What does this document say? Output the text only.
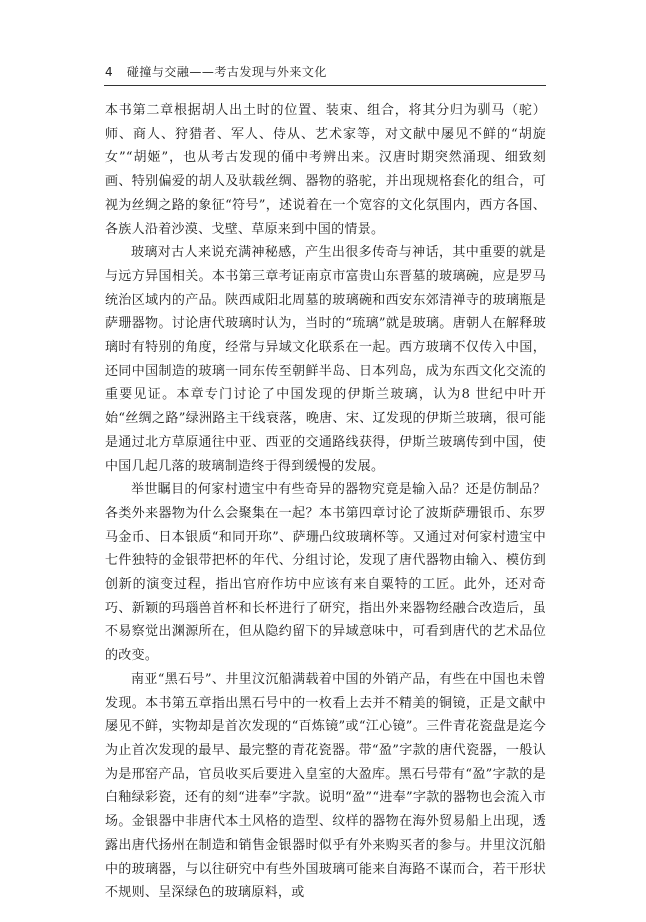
4 碰撞与交融——考古发现与外来文化

本书第二章根据胡人出土时的位置、装束、组合，将其分归为驯马（驼）师、商人、狩猎者、军人、侍从、艺术家等，对文献中屡见不鲜的“胡旋女”“胡姬”，也从考古发现的俑中考辨出来。汉唐时期突然涌现、细致刻画、特别偏爱的胡人及驮载丝绸、器物的骆驼，并出现规格套化的组合，可视为丝绸之路的象征“符号”，述说着在一个宽容的文化氛围内，西方各国、各族人沿着沙漠、戈壁、草原来到中国的情景。

玻璃对古人来说充满神秘感，产生出很多传奇与神话，其中重要的就是与远方异国相关。本书第三章考证南京市富贵山东晋墓的玻璃碗，应是罗马统治区域内的产品。陕西咸阳北周墓的玻璃碗和西安东郊清禅寺的玻璃瓶是萨珊器物。讨论唐代玻璃时认为，当时的“琉璃”就是玻璃。唐朝人在解释玻璃时有特别的角度，经常与异域文化联系在一起。西方玻璃不仅传入中国，还同中国制造的玻璃一同东传至朝鲜半岛、日本列岛，成为东西文化交流的重要见证。本章专门讨论了中国发现的伊斯兰玻璃，认为8 世纪中叶开始“丝绸之路”绿洲路主干线衰落，晚唐、宋、辽发现的伊斯兰玻璃，很可能是通过北方草原通往中亚、西亚的交通路线获得，伊斯兰玻璃传到中国，使中国几起几落的玻璃制造终于得到缓慢的发展。

举世瞩目的何家村遗宝中有些奇异的器物究竟是输入品？还是仿制品？各类外来器物为什么会聚集在一起？本书第四章讨论了波斯萨珊银币、东罗马金币、日本银质“和同开珎”、萨珊凸纹玻璃杯等。又通过对何家村遗宝中七件独特的金银带把杯的年代、分组讨论，发现了唐代器物由输入、模仿到创新的演变过程，指出官府作坊中应该有来自粟特的工匠。此外，还对奇巧、新颖的玛瑙兽首杯和长杯进行了研究，指出外来器物经融合改造后，虽不易察觉出渊源所在，但从隐约留下的异域意味中，可看到唐代的艺术品位的改变。

南亚“黑石号”、井里汶沉船满载着中国的外销产品，有些在中国也未曾发现。本书第五章指出黑石号中的一枚看上去并不精美的铜镜，正是文献中屡见不鲜，实物却是首次发现的“百炼镜”或“江心镜”。三件青花瓷盘是迄今为止首次发现的最早、最完整的青花瓷器。带“盈”字款的唐代瓷器，一般认为是邢窑产品，官员收买后要进入皇室的大盈库。黑石号带有“盈”字款的是白釉绿彩瓷，还有的刻“进奉”字款。说明“盈”“进奉”字款的器物也会流入市场。金银器中非唐代本土风格的造型、纹样的器物在海外贸易船上出现，透露出唐代扬州在制造和销售金银器时似乎有外来购买者的参与。井里汶沉船中的玻璃器，与以往研究中有些外国玻璃可能来自海路不谋而合，若干形状不规则、呈深绿色的玻璃原料，或
